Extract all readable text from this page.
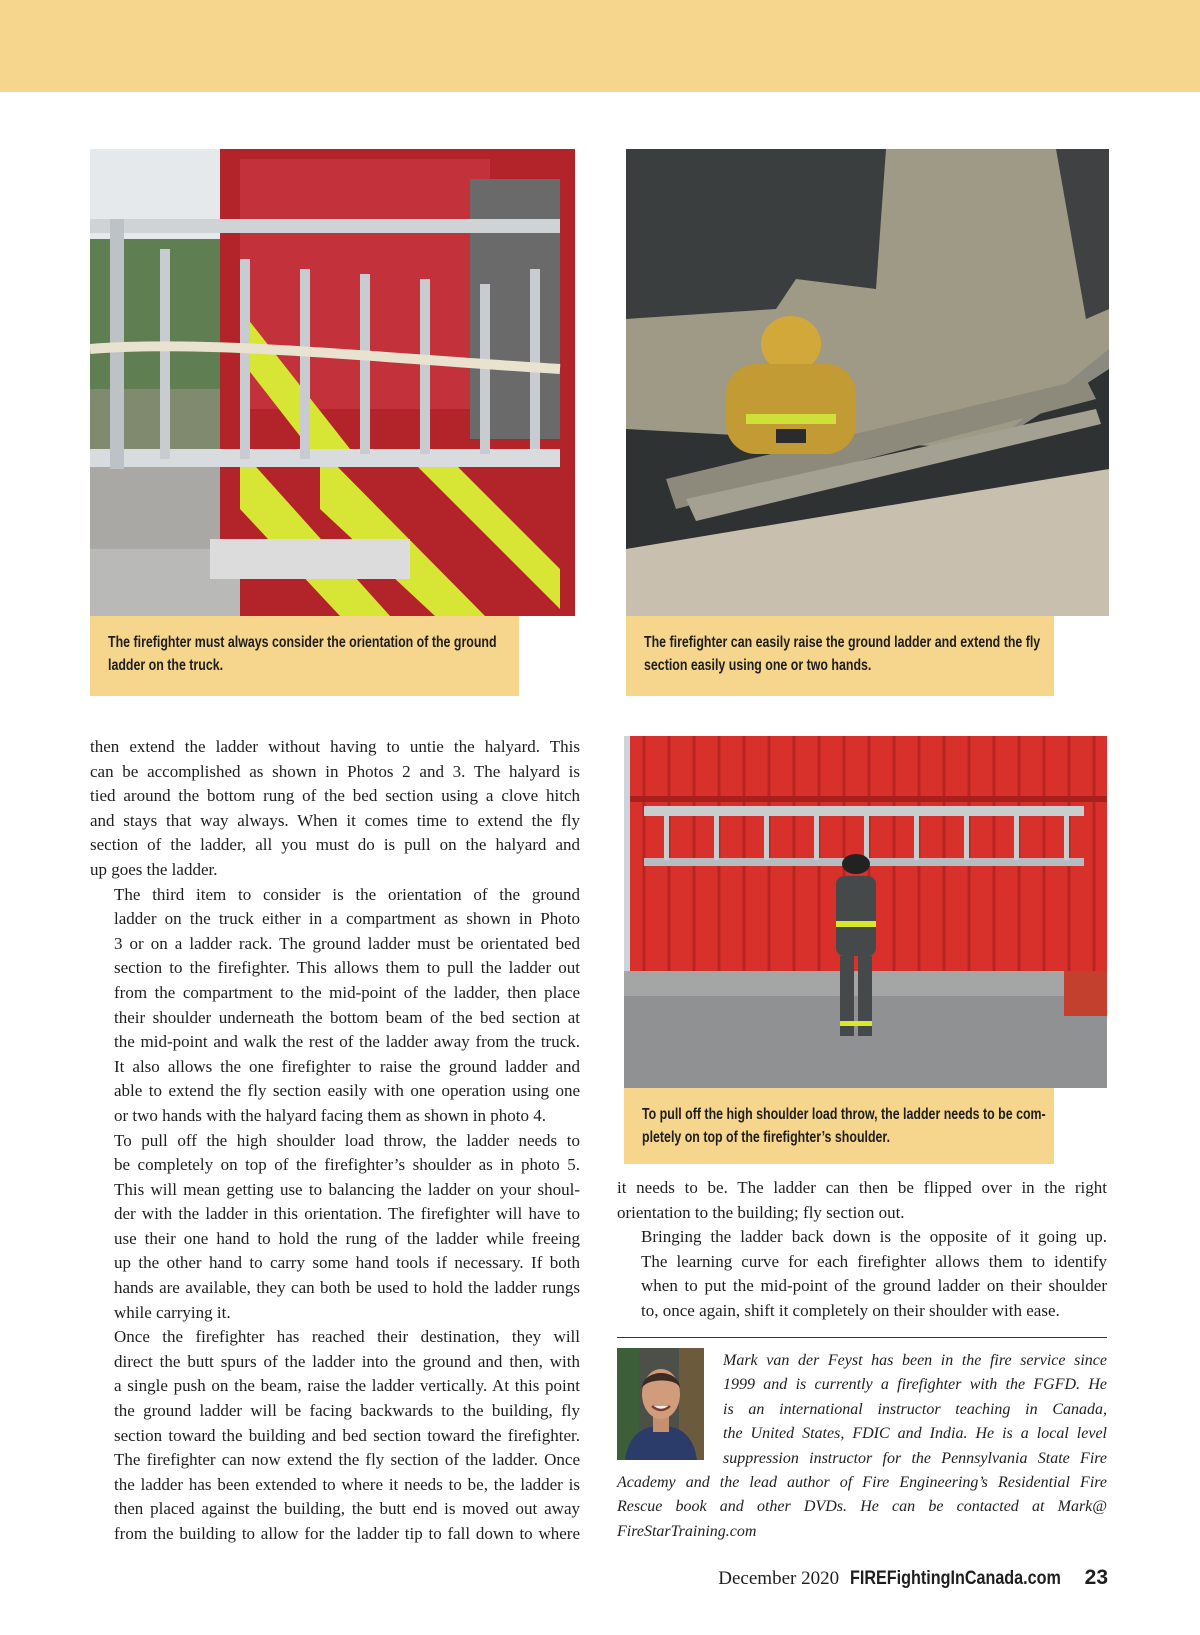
The firefighter must always consider the orientation of the ground
ladder on the truck.
The firefighter can easily raise the ground ladder and extend the fly
section easily using one or two hands.
To pull off the high shoulder load throw, the ladder needs to be com-
pletely on top of the firefighter’s shoulder.

then extend the ladder without having to untie the halyard. This
can be accomplished as shown in Photos 2 and 3. The halyard is
tied around the bottom rung of the bed section using a clove hitch
and stays that way always. When it comes time to extend the fly
section of the ladder, all you must do is pull on the halyard and
up goes the ladder.

The third item to consider is the orientation of the ground
ladder on the truck either in a compartment as shown in Photo
3 or on a ladder rack. The ground ladder must be orientated bed
section to the firefighter. This allows them to pull the ladder out
from the compartment to the mid-point of the ladder, then place
their shoulder underneath the bottom beam of the bed section at
the mid-point and walk the rest of the ladder away from the truck.
It also allows the one firefighter to raise the ground ladder and
able to extend the fly section easily with one operation using one
or two hands with the halyard facing them as shown in photo 4.

To pull off the high shoulder load throw, the ladder needs to
be completely on top of the firefighter’s shoulder as in photo 5.
This will mean getting use to balancing the ladder on your shoul-
der with the ladder in this orientation. The firefighter will have to
use their one hand to hold the rung of the ladder while freeing
up the other hand to carry some hand tools if necessary. If both
hands are available, they can both be used to hold the ladder rungs
while carrying it.

Once the firefighter has reached their destination, they will
direct the butt spurs of the ladder into the ground and then, with
a single push on the beam, raise the ladder vertically. At this point
the ground ladder will be facing backwards to the building, fly
section toward the building and bed section toward the firefighter.
The firefighter can now extend the fly section of the ladder. Once
the ladder has been extended to where it needs to be, the ladder is
then placed against the building, the butt end is moved out away
from the building to allow for the ladder tip to fall down to where

it needs to be. The ladder can then be flipped over in the right
orientation to the building; fly section out.

Bringing the ladder back down is the opposite of it going up.
The learning curve for each firefighter allows them to identify
when to put the mid-point of the ground ladder on their shoulder
to, once again, shift it completely on their shoulder with ease.

Mark van der Feyst has been in the fire service since
1999 and is currently a firefighter with the FGFD. He
is an international instructor teaching in Canada,
the United States, FDIC and India. He is a local level
suppression instructor for the Pennsylvania State Fire
Academy and the lead author of Fire Engineering’s Residential Fire
Rescue book and other DVDs. He can be contacted at Mark@
FireStarTraining.com
December 2020 FIREFightingInCanada.com 23
